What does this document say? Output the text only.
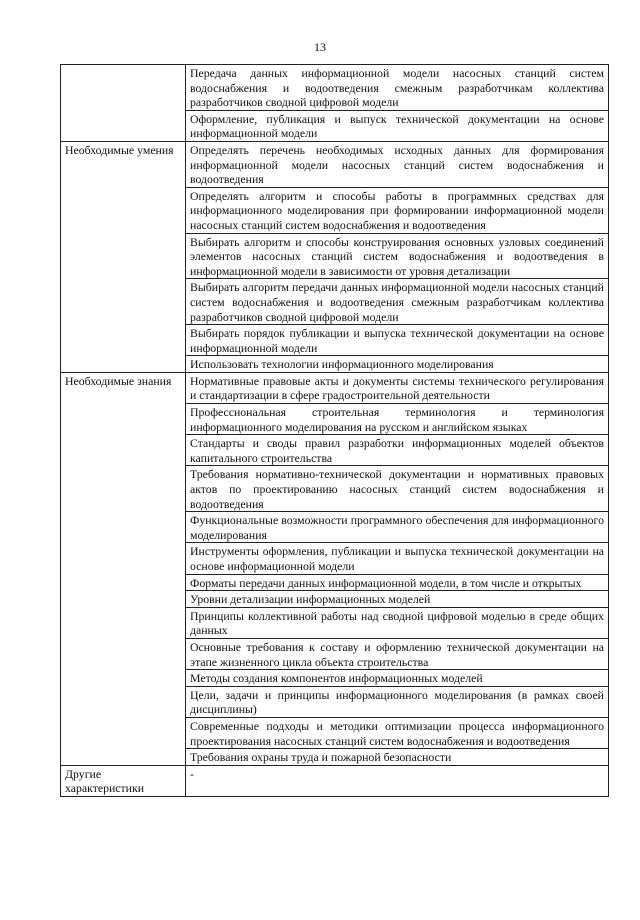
13
	Передача данных информационной модели насосных станций систем водоснабжения и водоотведения смежным разработчикам коллектива разработчиков сводной цифровой модели
	Оформление, публикация и выпуск технической документации на основе информационной модели
Необходимые умения	Определять перечень необходимых исходных данных для формирования информационной модели насосных станций систем водоснабжения и водоотведения
	Определять алгоритм и способы работы в программных средствах для информационного моделирования при формировании информационной модели насосных станций систем водоснабжения и водоотведения
	Выбирать алгоритм и способы конструирования основных узловых соединений элементов насосных станций систем водоснабжения и водоотведения в информационной модели в зависимости от уровня детализации
	Выбирать алгоритм передачи данных информационной модели насосных станций систем водоснабжения и водоотведения смежным разработчикам коллектива разработчиков сводной цифровой модели
	Выбирать порядок публикации и выпуска технической документации на основе информационной модели
	Использовать технологии информационного моделирования
Необходимые знания	Нормативные правовые акты и документы системы технического регулирования и стандартизации в сфере градостроительной деятельности
	Профессиональная строительная терминология и терминология информационного моделирования на русском и английском языках
	Стандарты и своды правил разработки информационных моделей объектов капитального строительства
	Требования нормативно-технической документации и нормативных правовых актов по проектированию насосных станций систем водоснабжения и водоотведения
	Функциональные возможности программного обеспечения для информационного моделирования
	Инструменты оформления, публикации и выпуска технической документации на основе информационной модели
	Форматы передачи данных информационной модели, в том числе и открытых
	Уровни детализации информационных моделей
	Принципы коллективной работы над сводной цифровой моделью в среде общих данных
	Основные требования к составу и оформлению технической документации на этапе жизненного цикла объекта строительства
	Методы создания компонентов информационных моделей
	Цели, задачи и принципы информационного моделирования (в рамках своей дисциплины)
	Современные подходы и методики оптимизации процесса информационного проектирования насосных станций систем водоснабжения и водоотведения
	Требования охраны труда и пожарной безопасности
Другие характеристики	-
